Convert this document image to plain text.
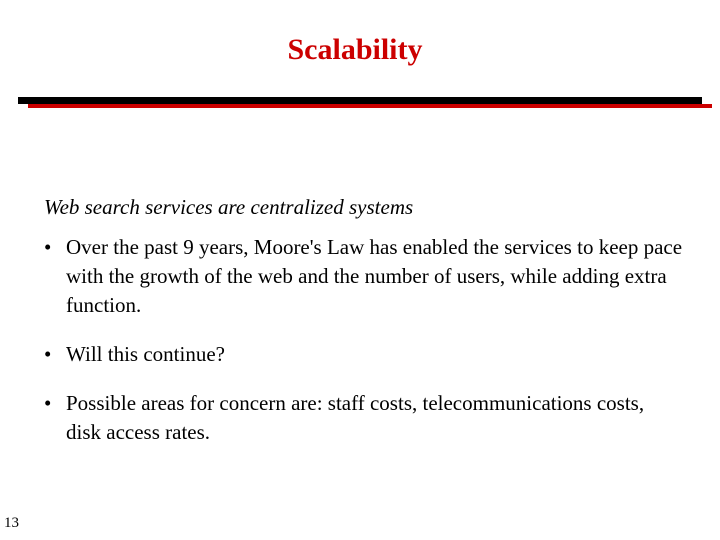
Scalability
Web search services are centralized systems
• Over the past 9 years, Moore's Law has enabled the services to keep pace with the growth of the web and the number of users, while adding extra function.
• Will this continue?
• Possible areas for concern are: staff costs, telecommunications costs, disk access rates.
13
